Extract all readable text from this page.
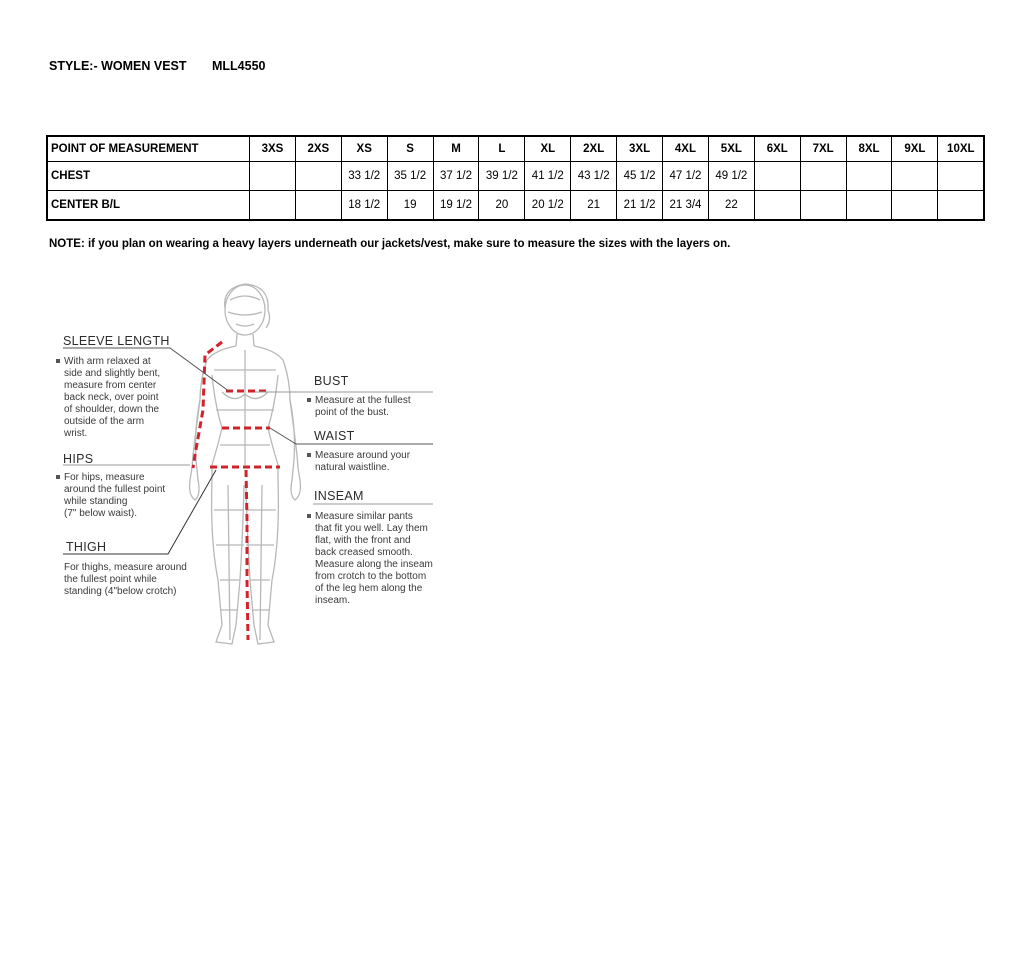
STYLE:- WOMEN VEST MLL4550
POINT OF MEASUREMENT	3XS	2XS	XS	S	M	L	XL	2XL	3XL	4XL	5XL	6XL	7XL	8XL	9XL	10XL
CHEST			33 1/2	35 1/2	37 1/2	39 1/2	41 1/2	43 1/2	45 1/2	47 1/2	49 1/2					
CENTER B/L			18 1/2	19	19 1/2	20	20 1/2	21	21 1/2	21 3/4	22					
NOTE: if you plan on wearing a heavy layers underneath our jackets/vest, make sure to measure the sizes with the layers on.
SLEEVE LENGTH
With arm relaxed at
side and slightly bent,
measure from center
back neck, over point
of shoulder, down the
outside of the arm
wrist.
HIPS
For hips, measure
around the fullest point
while standing
(7" below waist).
THIGH
For thighs, measure around
the fullest point while
standing (4"below crotch)
BUST
Measure at the fullest
point of the bust.
WAIST
Measure around your
natural waistline.
INSEAM
Measure similar pants
that fit you well. Lay them
flat, with the front and
back creased smooth.
Measure along the inseam
from crotch to the bottom
of the leg hem along the
inseam.
